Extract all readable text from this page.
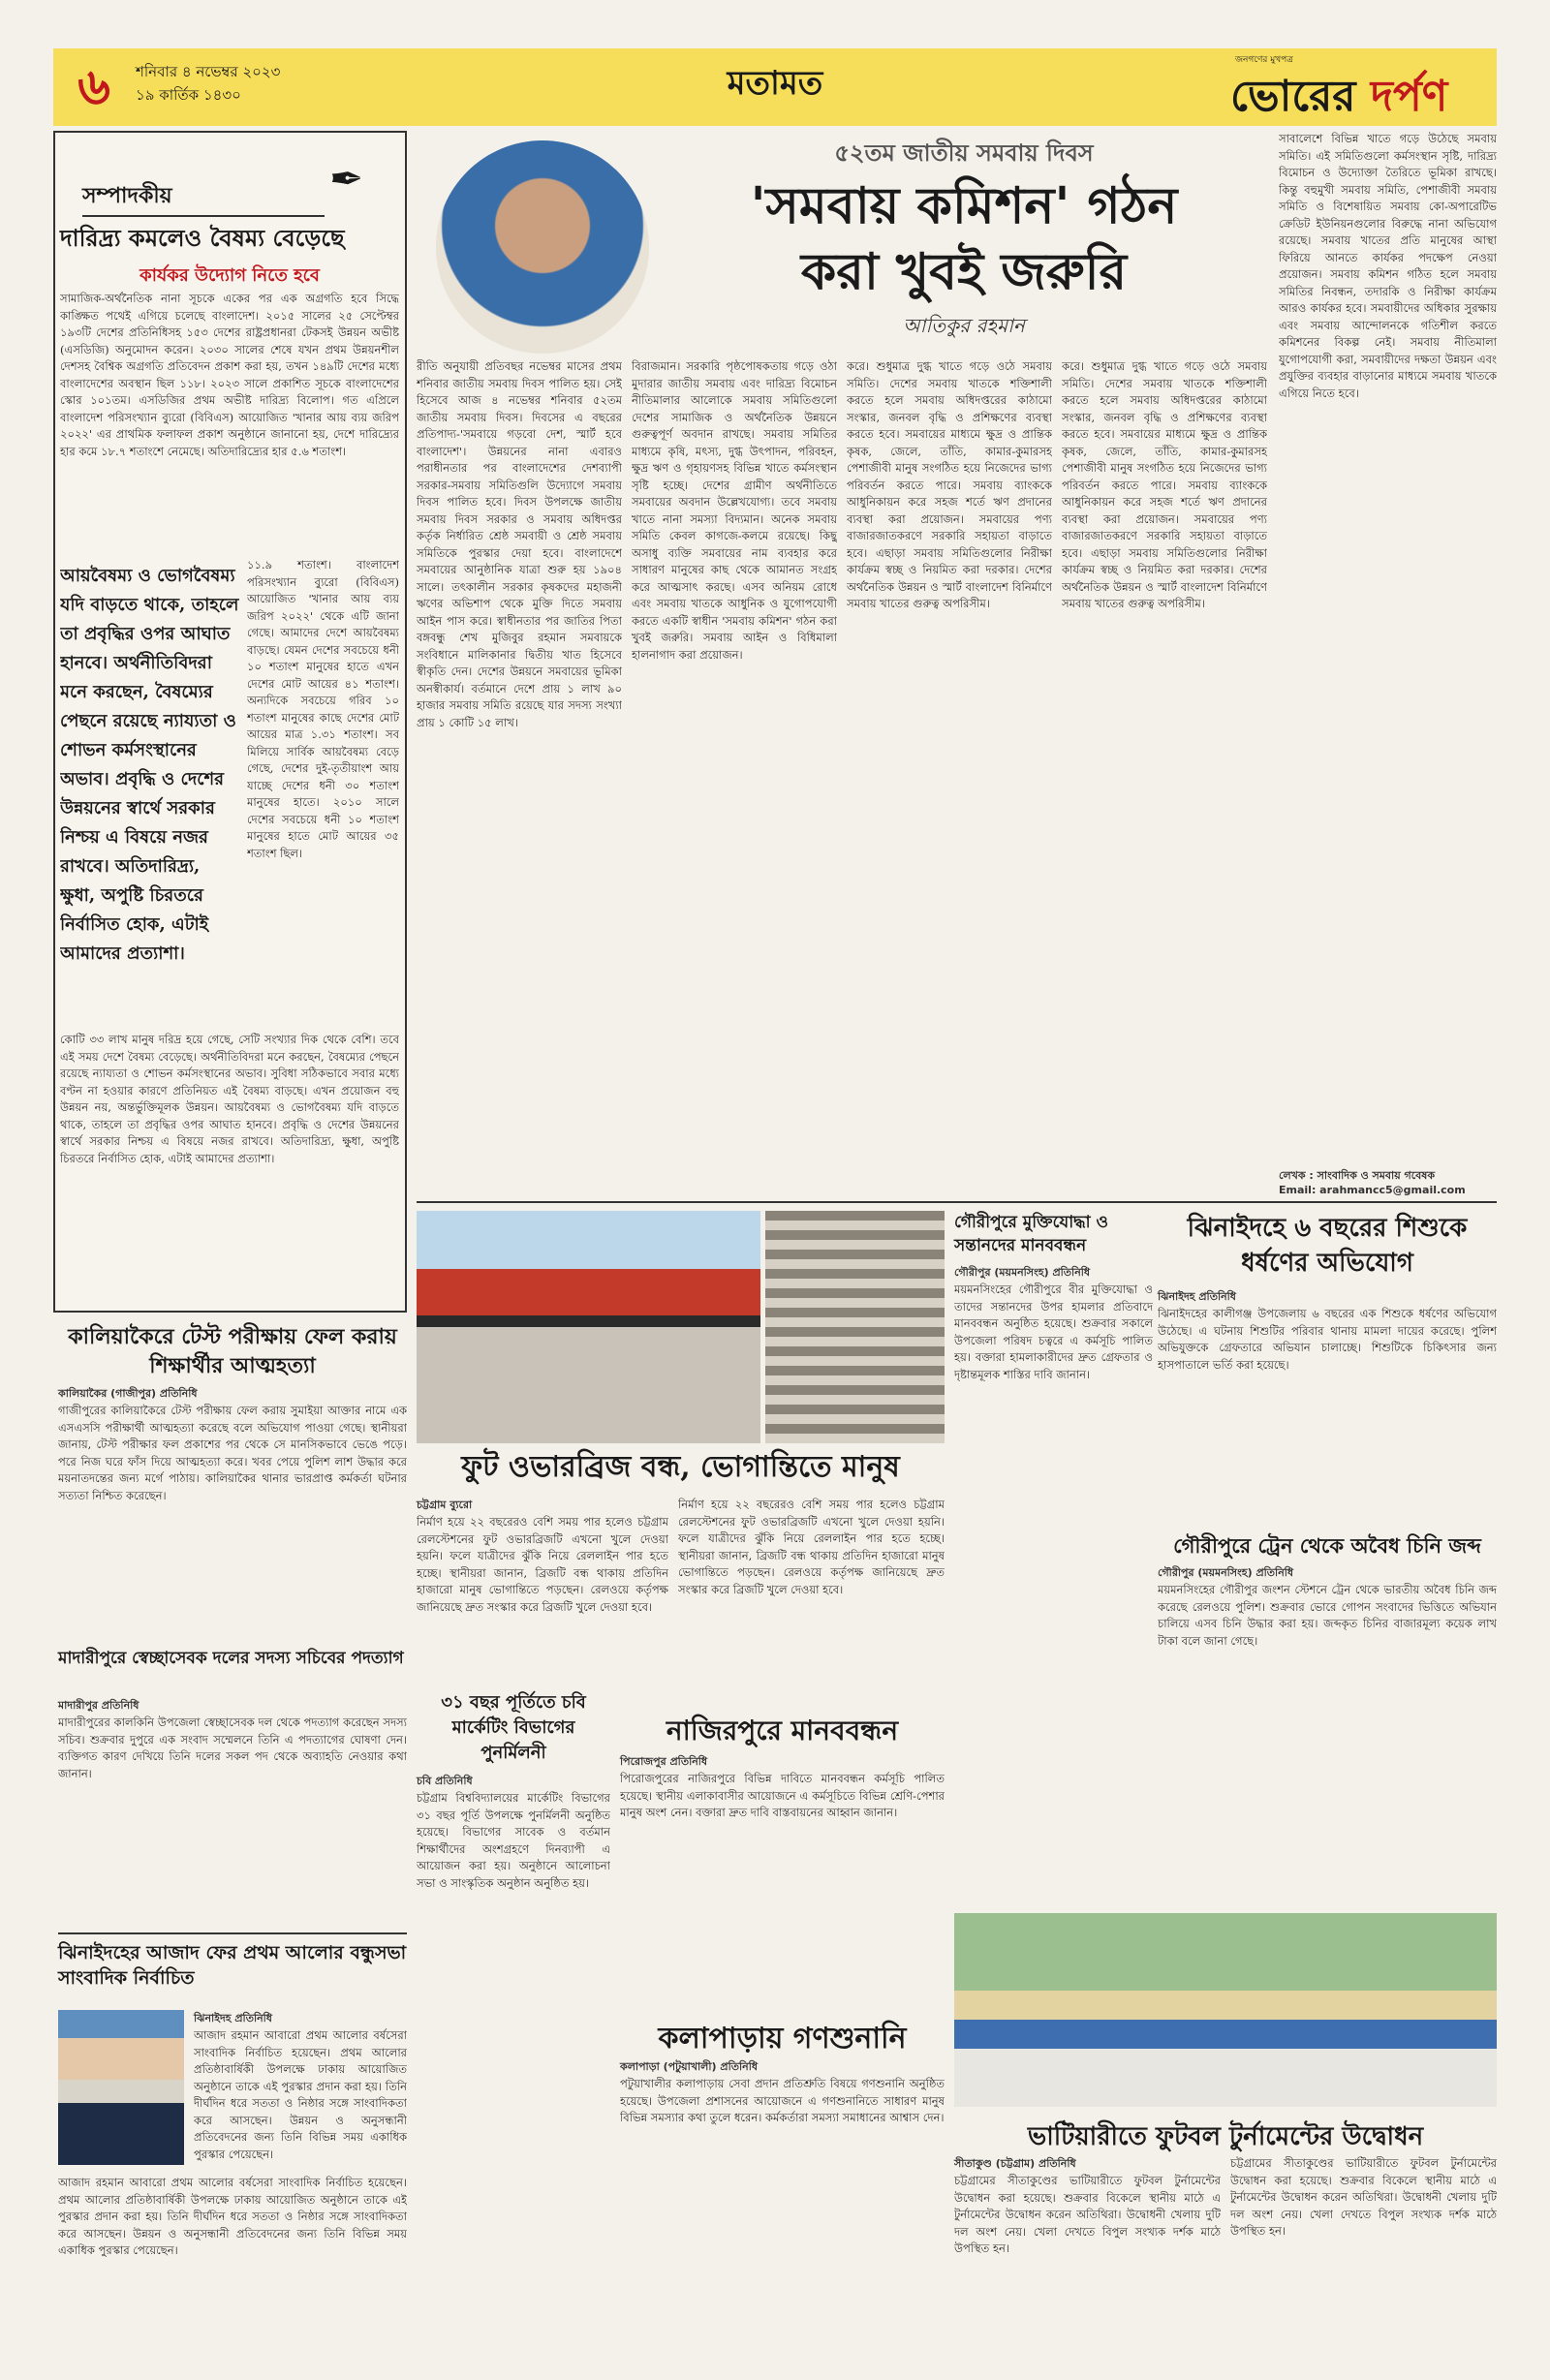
৬	শনিবার ৪ নভেম্বর ২০২৩
১৯ কার্তিক ১৪৩০	মতামত
জনগণের মুখপত্র
ভোরের দর্পণ
সম্পাদকীয়	✒
দারিদ্র্য কমলেও বৈষম্য বেড়েছে
কার্যকর উদ্যোগ নিতে হবে
সামাজিক-অর্থনৈতিক নানা সূচকে একের পর এক অগ্রগতি হবে সিদ্ধে কাঙ্ক্ষিত পথেই এগিয়ে চলেছে বাংলাদেশ। ২০১৫ সালের ২৫ সেপ্টেম্বর ১৯৩টি দেশের প্রতিনিধিসহ ১৫৩ দেশের রাষ্ট্রপ্রধানরা টেকসই উন্নয়ন অভীষ্ট (এসডিজি) অনুমোদন করেন। ২০৩০ সালের শেষে যখন প্রথম উন্নয়নশীল দেশসহ বৈশ্বিক অগ্রগতি প্রতিবেদন প্রকাশ করা হয়, তখন ১৪৯টি দেশের মধ্যে বাংলাদেশের অবস্থান ছিল ১১৮। ২০২৩ সালে প্রকাশিত সূচকে বাংলাদেশের স্কোর ১০১তম। এসডিজির প্রথম অভীষ্ট দারিদ্র্য বিলোপ। গত এপ্রিলে বাংলাদেশ পরিসংখ্যান ব্যুরো (বিবিএস) আয়োজিত 'খানার আয় ব্যয় জরিপ ২০২২' এর প্রাথমিক ফলাফল প্রকাশ অনুষ্ঠানে জানানো হয়, দেশে দারিদ্র্যের হার কমে ১৮.৭ শতাংশে নেমেছে। অতিদারিদ্র্যের হার ৫.৬ শতাংশ।
১১.৯ শতাংশ। বাংলাদেশ পরিসংখ্যান ব্যুরো (বিবিএস) আয়োজিত 'খানার আয় ব্যয় জরিপ ২০২২' থেকে এটি জানা গেছে। আমাদের দেশে আয়বৈষম্য বাড়ছে। যেমন দেশের সবচেয়ে ধনী ১০ শতাংশ মানুষের হাতে এখন দেশের মোট আয়ের ৪১ শতাংশ। অন্যদিকে সবচেয়ে গরিব ১০ শতাংশ মানুষের কাছে দেশের মোট আয়ের মাত্র ১.৩১ শতাংশ। সব মিলিয়ে সার্বিক আয়বৈষম্য বেড়ে গেছে, দেশের দুই-তৃতীয়াংশ আয় যাচ্ছে দেশের ধনী ৩০ শতাংশ মানুষের হাতে। ২০১০ সালে দেশের সবচেয়ে ধনী ১০ শতাংশ মানুষের হাতে মোট আয়ের ৩৫ শতাংশ ছিল।
আয়বৈষম্য ও ভোগবৈষম্য যদি বাড়তে থাকে, তাহলে তা প্রবৃদ্ধির ওপর আঘাত হানবে। অর্থনীতিবিদরা মনে করছেন, বৈষম্যের পেছনে রয়েছে ন্যায্যতা ও শোভন কর্মসংস্থানের অভাব। প্রবৃদ্ধি ও দেশের উন্নয়নের স্বার্থে সরকার নিশ্চয় এ বিষয়ে নজর রাখবে। অতিদারিদ্র্য, ক্ষুধা, অপুষ্টি চিরতরে নির্বাসিত হোক, এটাই আমাদের প্রত্যাশা।
কোটি ৩৩ লাখ মানুষ দরিদ্র হয়ে গেছে, সেটি সংখ্যার দিক থেকে বেশি। তবে এই সময় দেশে বৈষম্য বেড়েছে। অর্থনীতিবিদরা মনে করছেন, বৈষম্যের পেছনে রয়েছে ন্যায্যতা ও শোভন কর্মসংস্থানের অভাব। সুবিধা সঠিকভাবে সবার মধ্যে বণ্টন না হওয়ার কারণে প্রতিনিয়ত এই বৈষম্য বাড়ছে। এখন প্রয়োজন বহু উন্নয়ন নয়, অন্তর্ভুক্তিমূলক উন্নয়ন। আয়বৈষম্য ও ভোগবৈষম্য যদি বাড়তে থাকে, তাহলে তা প্রবৃদ্ধির ওপর আঘাত হানবে। প্রবৃদ্ধি ও দেশের উন্নয়নের স্বার্থে সরকার নিশ্চয় এ বিষয়ে নজর রাখবে। অতিদারিদ্র্য, ক্ষুধা, অপুষ্টি চিরতরে নির্বাসিত হোক, এটাই আমাদের প্রত্যাশা।
৫২তম জাতীয় সমবায় দিবস
'সমবায় কমিশন' গঠন
করা খুবই জরুরি
আতিকুর রহমান
রীতি অনুযায়ী প্রতিবছর নভেম্বর মাসের প্রথম শনিবার জাতীয় সমবায় দিবস পালিত হয়। সেই হিসেবে আজ ৪ নভেম্বর শনিবার ৫২তম জাতীয় সমবায় দিবস। দিবসের এ বছরের প্রতিপাদ্য-'সমবায়ে গড়বো দেশ, স্মার্ট হবে বাংলাদেশ'। উন্নয়নের নানা এবারও পরাধীনতার পর বাংলাদেশের দেশব্যাপী সরকার-সমবায় সমিতিগুলি উদ্যোগে সমবায় দিবস পালিত হবে। দিবস উপলক্ষে জাতীয় সমবায় দিবস সরকার ও সমবায় অধিদপ্তর কর্তৃক নির্ধারিত শ্রেষ্ঠ সমবায়ী ও শ্রেষ্ঠ সমবায় সমিতিকে পুরস্কার দেয়া হবে। বাংলাদেশে সমবায়ের আনুষ্ঠানিক যাত্রা শুরু হয় ১৯০৪ সালে। তৎকালীন সরকার কৃষকদের মহাজনী ঋণের অভিশাপ থেকে মুক্তি দিতে সমবায় আইন পাস করে। স্বাধীনতার পর জাতির পিতা বঙ্গবন্ধু শেখ মুজিবুর রহমান সমবায়কে সংবিধানে মালিকানার দ্বিতীয় খাত হিসেবে স্বীকৃতি দেন। দেশের উন্নয়নে সমবায়ের ভূমিকা অনস্বীকার্য। বর্তমানে দেশে প্রায় ১ লাখ ৯০ হাজার সমবায় সমিতি রয়েছে যার সদস্য সংখ্যা প্রায় ১ কোটি ১৫ লাখ।
বিরাজমান। সরকারি পৃষ্ঠপোষকতায় গড়ে ওঠা মুদারার জাতীয় সমবায় এবং দারিদ্র্য বিমোচন নীতিমালার আলোকে সমবায় সমিতিগুলো দেশের সামাজিক ও অর্থনৈতিক উন্নয়নে গুরুত্বপূর্ণ অবদান রাখছে। সমবায় সমিতির মাধ্যমে কৃষি, মৎস্য, দুগ্ধ উৎপাদন, পরিবহন, ক্ষুদ্র ঋণ ও গৃহায়ণসহ বিভিন্ন খাতে কর্মসংস্থান সৃষ্টি হচ্ছে। দেশের গ্রামীণ অর্থনীতিতে সমবায়ের অবদান উল্লেখযোগ্য। তবে সমবায় খাতে নানা সমস্যা বিদ্যমান। অনেক সমবায় সমিতি কেবল কাগজে-কলমে রয়েছে। কিছু অসাধু ব্যক্তি সমবায়ের নাম ব্যবহার করে সাধারণ মানুষের কাছ থেকে আমানত সংগ্রহ করে আত্মসাৎ করছে। এসব অনিয়ম রোধে এবং সমবায় খাতকে আধুনিক ও যুগোপযোগী করতে একটি স্বাধীন 'সমবায় কমিশন' গঠন করা খুবই জরুরি। সমবায় আইন ও বিধিমালা হালনাগাদ করা প্রয়োজন।
করে। শুধুমাত্র দুগ্ধ খাতে গড়ে ওঠে সমবায় সমিতি। দেশের সমবায় খাতকে শক্তিশালী করতে হলে সমবায় অধিদপ্তরের কাঠামো সংস্কার, জনবল বৃদ্ধি ও প্রশিক্ষণের ব্যবস্থা করতে হবে। সমবায়ের মাধ্যমে ক্ষুদ্র ও প্রান্তিক কৃষক, জেলে, তাঁতি, কামার-কুমারসহ পেশাজীবী মানুষ সংগঠিত হয়ে নিজেদের ভাগ্য পরিবর্তন করতে পারে। সমবায় ব্যাংককে আধুনিকায়ন করে সহজ শর্তে ঋণ প্রদানের ব্যবস্থা করা প্রয়োজন। সমবায়ের পণ্য বাজারজাতকরণে সরকারি সহায়তা বাড়াতে হবে। এছাড়া সমবায় সমিতিগুলোর নিরীক্ষা কার্যক্রম স্বচ্ছ ও নিয়মিত করা দরকার। দেশের অর্থনৈতিক উন্নয়ন ও স্মার্ট বাংলাদেশ বিনির্মাণে সমবায় খাতের গুরুত্ব অপরিসীম।
সাবালেশে বিভিন্ন খাতে গড়ে উঠেছে সমবায় সমিতি। এই সমিতিগুলো কর্মসংস্থান সৃষ্টি, দারিদ্র্য বিমোচন ও উদ্যোক্তা তৈরিতে ভূমিকা রাখছে। কিন্তু বহুমুখী সমবায় সমিতি, পেশাজীবী সমবায় সমিতি ও বিশেষায়িত সমবায় কো-অপারেটিভ ক্রেডিট ইউনিয়নগুলোর বিরুদ্ধে নানা অভিযোগ রয়েছে। সমবায় খাতের প্রতি মানুষের আস্থা ফিরিয়ে আনতে কার্যকর পদক্ষেপ নেওয়া প্রয়োজন। সমবায় কমিশন গঠিত হলে সমবায় সমিতির নিবন্ধন, তদারকি ও নিরীক্ষা কার্যক্রম আরও কার্যকর হবে। সমবায়ীদের অধিকার সুরক্ষায় এবং সমবায় আন্দোলনকে গতিশীল করতে কমিশনের বিকল্প নেই। সমবায় নীতিমালা যুগোপযোগী করা, সমবায়ীদের দক্ষতা উন্নয়ন এবং প্রযুক্তির ব্যবহার বাড়ানোর মাধ্যমে সমবায় খাতকে এগিয়ে নিতে হবে।
করে। শুধুমাত্র দুগ্ধ খাতে গড়ে ওঠে সমবায় সমিতি। দেশের সমবায় খাতকে শক্তিশালী করতে হলে সমবায় অধিদপ্তরের কাঠামো সংস্কার, জনবল বৃদ্ধি ও প্রশিক্ষণের ব্যবস্থা করতে হবে। সমবায়ের মাধ্যমে ক্ষুদ্র ও প্রান্তিক কৃষক, জেলে, তাঁতি, কামার-কুমারসহ পেশাজীবী মানুষ সংগঠিত হয়ে নিজেদের ভাগ্য পরিবর্তন করতে পারে। সমবায় ব্যাংককে আধুনিকায়ন করে সহজ শর্তে ঋণ প্রদানের ব্যবস্থা করা প্রয়োজন। সমবায়ের পণ্য বাজারজাতকরণে সরকারি সহায়তা বাড়াতে হবে। এছাড়া সমবায় সমিতিগুলোর নিরীক্ষা কার্যক্রম স্বচ্ছ ও নিয়মিত করা দরকার। দেশের অর্থনৈতিক উন্নয়ন ও স্মার্ট বাংলাদেশ বিনির্মাণে সমবায় খাতের গুরুত্ব অপরিসীম।
লেখক : সাংবাদিক ও সমবায় গবেষক
Email: arahmancc5@gmail.com
কালিয়াকৈরে টেস্ট পরীক্ষায় ফেল করায় শিক্ষার্থীর আত্মহত্যা
কালিয়াকৈর (গাজীপুর) প্রতিনিধি
গাজীপুরের কালিয়াকৈরে টেস্ট পরীক্ষায় ফেল করায় সুমাইয়া আক্তার নামে এক এসএসসি পরীক্ষার্থী আত্মহত্যা করেছে বলে অভিযোগ পাওয়া গেছে। স্থানীয়রা জানায়, টেস্ট পরীক্ষার ফল প্রকাশের পর থেকে সে মানসিকভাবে ভেঙে পড়ে। পরে নিজ ঘরে ফাঁস দিয়ে আত্মহত্যা করে। খবর পেয়ে পুলিশ লাশ উদ্ধার করে ময়নাতদন্তের জন্য মর্গে পাঠায়। কালিয়াকৈর থানার ভারপ্রাপ্ত কর্মকর্তা ঘটনার সত্যতা নিশ্চিত করেছেন।
মাদারীপুরে স্বেচ্ছাসেবক দলের সদস্য সচিবের পদত্যাগ
মাদারীপুর প্রতিনিধি
মাদারীপুরের কালকিনি উপজেলা স্বেচ্ছাসেবক দল থেকে পদত্যাগ করেছেন সদস্য সচিব। শুক্রবার দুপুরে এক সংবাদ সম্মেলনে তিনি এ পদত্যাগের ঘোষণা দেন। ব্যক্তিগত কারণ দেখিয়ে তিনি দলের সকল পদ থেকে অব্যাহতি নেওয়ার কথা জানান।
ঝিনাইদহের আজাদ ফের প্রথম আলোর বন্ধুসভা সাংবাদিক নির্বাচিত
ঝিনাইদহ প্রতিনিধি
আজাদ রহমান আবারো প্রথম আলোর বর্ষসেরা সাংবাদিক নির্বাচিত হয়েছেন। প্রথম আলোর প্রতিষ্ঠাবার্ষিকী উপলক্ষে ঢাকায় আয়োজিত অনুষ্ঠানে তাকে এই পুরস্কার প্রদান করা হয়। তিনি দীর্ঘদিন ধরে সততা ও নিষ্ঠার সঙ্গে সাংবাদিকতা করে আসছেন। উন্নয়ন ও অনুসন্ধানী প্রতিবেদনের জন্য তিনি বিভিন্ন সময় একাধিক পুরস্কার পেয়েছেন।
আজাদ রহমান আবারো প্রথম আলোর বর্ষসেরা সাংবাদিক নির্বাচিত হয়েছেন। প্রথম আলোর প্রতিষ্ঠাবার্ষিকী উপলক্ষে ঢাকায় আয়োজিত অনুষ্ঠানে তাকে এই পুরস্কার প্রদান করা হয়। তিনি দীর্ঘদিন ধরে সততা ও নিষ্ঠার সঙ্গে সাংবাদিকতা করে আসছেন। উন্নয়ন ও অনুসন্ধানী প্রতিবেদনের জন্য তিনি বিভিন্ন সময় একাধিক পুরস্কার পেয়েছেন।
ফুট ওভারব্রিজ বন্ধ, ভোগান্তিতে মানুষ
চট্টগ্রাম ব্যুরো
নির্মাণ হয়ে ২২ বছরেরও বেশি সময় পার হলেও চট্টগ্রাম রেলস্টেশনের ফুট ওভারব্রিজটি এখনো খুলে দেওয়া হয়নি। ফলে যাত্রীদের ঝুঁকি নিয়ে রেললাইন পার হতে হচ্ছে। স্থানীয়রা জানান, ব্রিজটি বন্ধ থাকায় প্রতিদিন হাজারো মানুষ ভোগান্তিতে পড়ছেন। রেলওয়ে কর্তৃপক্ষ জানিয়েছে দ্রুত সংস্কার করে ব্রিজটি খুলে দেওয়া হবে।
নির্মাণ হয়ে ২২ বছরেরও বেশি সময় পার হলেও চট্টগ্রাম রেলস্টেশনের ফুট ওভারব্রিজটি এখনো খুলে দেওয়া হয়নি। ফলে যাত্রীদের ঝুঁকি নিয়ে রেললাইন পার হতে হচ্ছে। স্থানীয়রা জানান, ব্রিজটি বন্ধ থাকায় প্রতিদিন হাজারো মানুষ ভোগান্তিতে পড়ছেন। রেলওয়ে কর্তৃপক্ষ জানিয়েছে দ্রুত সংস্কার করে ব্রিজটি খুলে দেওয়া হবে।
৩১ বছর পূর্তিতে চবি মার্কেটিং বিভাগের পুনর্মিলনী
চবি প্রতিনিধি
চট্টগ্রাম বিশ্ববিদ্যালয়ের মার্কেটিং বিভাগের ৩১ বছর পূর্তি উপলক্ষে পুনর্মিলনী অনুষ্ঠিত হয়েছে। বিভাগের সাবেক ও বর্তমান শিক্ষার্থীদের অংশগ্রহণে দিনব্যাপী এ আয়োজন করা হয়। অনুষ্ঠানে আলোচনা সভা ও সাংস্কৃতিক অনুষ্ঠান অনুষ্ঠিত হয়।
নাজিরপুরে মানববন্ধন
পিরোজপুর প্রতিনিধি
পিরোজপুরের নাজিরপুরে বিভিন্ন দাবিতে মানববন্ধন কর্মসূচি পালিত হয়েছে। স্থানীয় এলাকাবাসীর আয়োজনে এ কর্মসূচিতে বিভিন্ন শ্রেণি-পেশার মানুষ অংশ নেন। বক্তারা দ্রুত দাবি বাস্তবায়নের আহ্বান জানান।
কলাপাড়ায় গণশুনানি
কলাপাড়া (পটুয়াখালী) প্রতিনিধি
পটুয়াখালীর কলাপাড়ায় সেবা প্রদান প্রতিশ্রুতি বিষয়ে গণশুনানি অনুষ্ঠিত হয়েছে। উপজেলা প্রশাসনের আয়োজনে এ গণশুনানিতে সাধারণ মানুষ বিভিন্ন সমস্যার কথা তুলে ধরেন। কর্মকর্তারা সমস্যা সমাধানের আশ্বাস দেন।
গৌরীপুরে মুক্তিযোদ্ধা ও সন্তানদের মানববন্ধন
গৌরীপুর (ময়মনসিংহ) প্রতিনিধি
ময়মনসিংহের গৌরীপুরে বীর মুক্তিযোদ্ধা ও তাদের সন্তানদের উপর হামলার প্রতিবাদে মানববন্ধন অনুষ্ঠিত হয়েছে। শুক্রবার সকালে উপজেলা পরিষদ চত্বরে এ কর্মসূচি পালিত হয়। বক্তারা হামলাকারীদের দ্রুত গ্রেফতার ও দৃষ্টান্তমূলক শাস্তির দাবি জানান।
ঝিনাইদহে ৬ বছরের শিশুকে ধর্ষণের অভিযোগ
ঝিনাইদহ প্রতিনিধি
ঝিনাইদহের কালীগঞ্জ উপজেলায় ৬ বছরের এক শিশুকে ধর্ষণের অভিযোগ উঠেছে। এ ঘটনায় শিশুটির পরিবার থানায় মামলা দায়ের করেছে। পুলিশ অভিযুক্তকে গ্রেফতারে অভিযান চালাচ্ছে। শিশুটিকে চিকিৎসার জন্য হাসপাতালে ভর্তি করা হয়েছে।
গৌরীপুরে ট্রেন থেকে অবৈধ চিনি জব্দ
গৌরীপুর (ময়মনসিংহ) প্রতিনিধি
ময়মনসিংহের গৌরীপুর জংশন স্টেশনে ট্রেন থেকে ভারতীয় অবৈধ চিনি জব্দ করেছে রেলওয়ে পুলিশ। শুক্রবার ভোরে গোপন সংবাদের ভিত্তিতে অভিযান চালিয়ে এসব চিনি উদ্ধার করা হয়। জব্দকৃত চিনির বাজারমূল্য কয়েক লাখ টাকা বলে জানা গেছে।
ভাটিয়ারীতে ফুটবল টুর্নামেন্টের উদ্বোধন
সীতাকুণ্ড (চট্টগ্রাম) প্রতিনিধি
চট্টগ্রামের সীতাকুণ্ডের ভাটিয়ারীতে ফুটবল টুর্নামেন্টের উদ্বোধন করা হয়েছে। শুক্রবার বিকেলে স্থানীয় মাঠে এ টুর্নামেন্টের উদ্বোধন করেন অতিথিরা। উদ্বোধনী খেলায় দুটি দল অংশ নেয়। খেলা দেখতে বিপুল সংখ্যক দর্শক মাঠে উপস্থিত হন।
চট্টগ্রামের সীতাকুণ্ডের ভাটিয়ারীতে ফুটবল টুর্নামেন্টের উদ্বোধন করা হয়েছে। শুক্রবার বিকেলে স্থানীয় মাঠে এ টুর্নামেন্টের উদ্বোধন করেন অতিথিরা। উদ্বোধনী খেলায় দুটি দল অংশ নেয়। খেলা দেখতে বিপুল সংখ্যক দর্শক মাঠে উপস্থিত হন।
